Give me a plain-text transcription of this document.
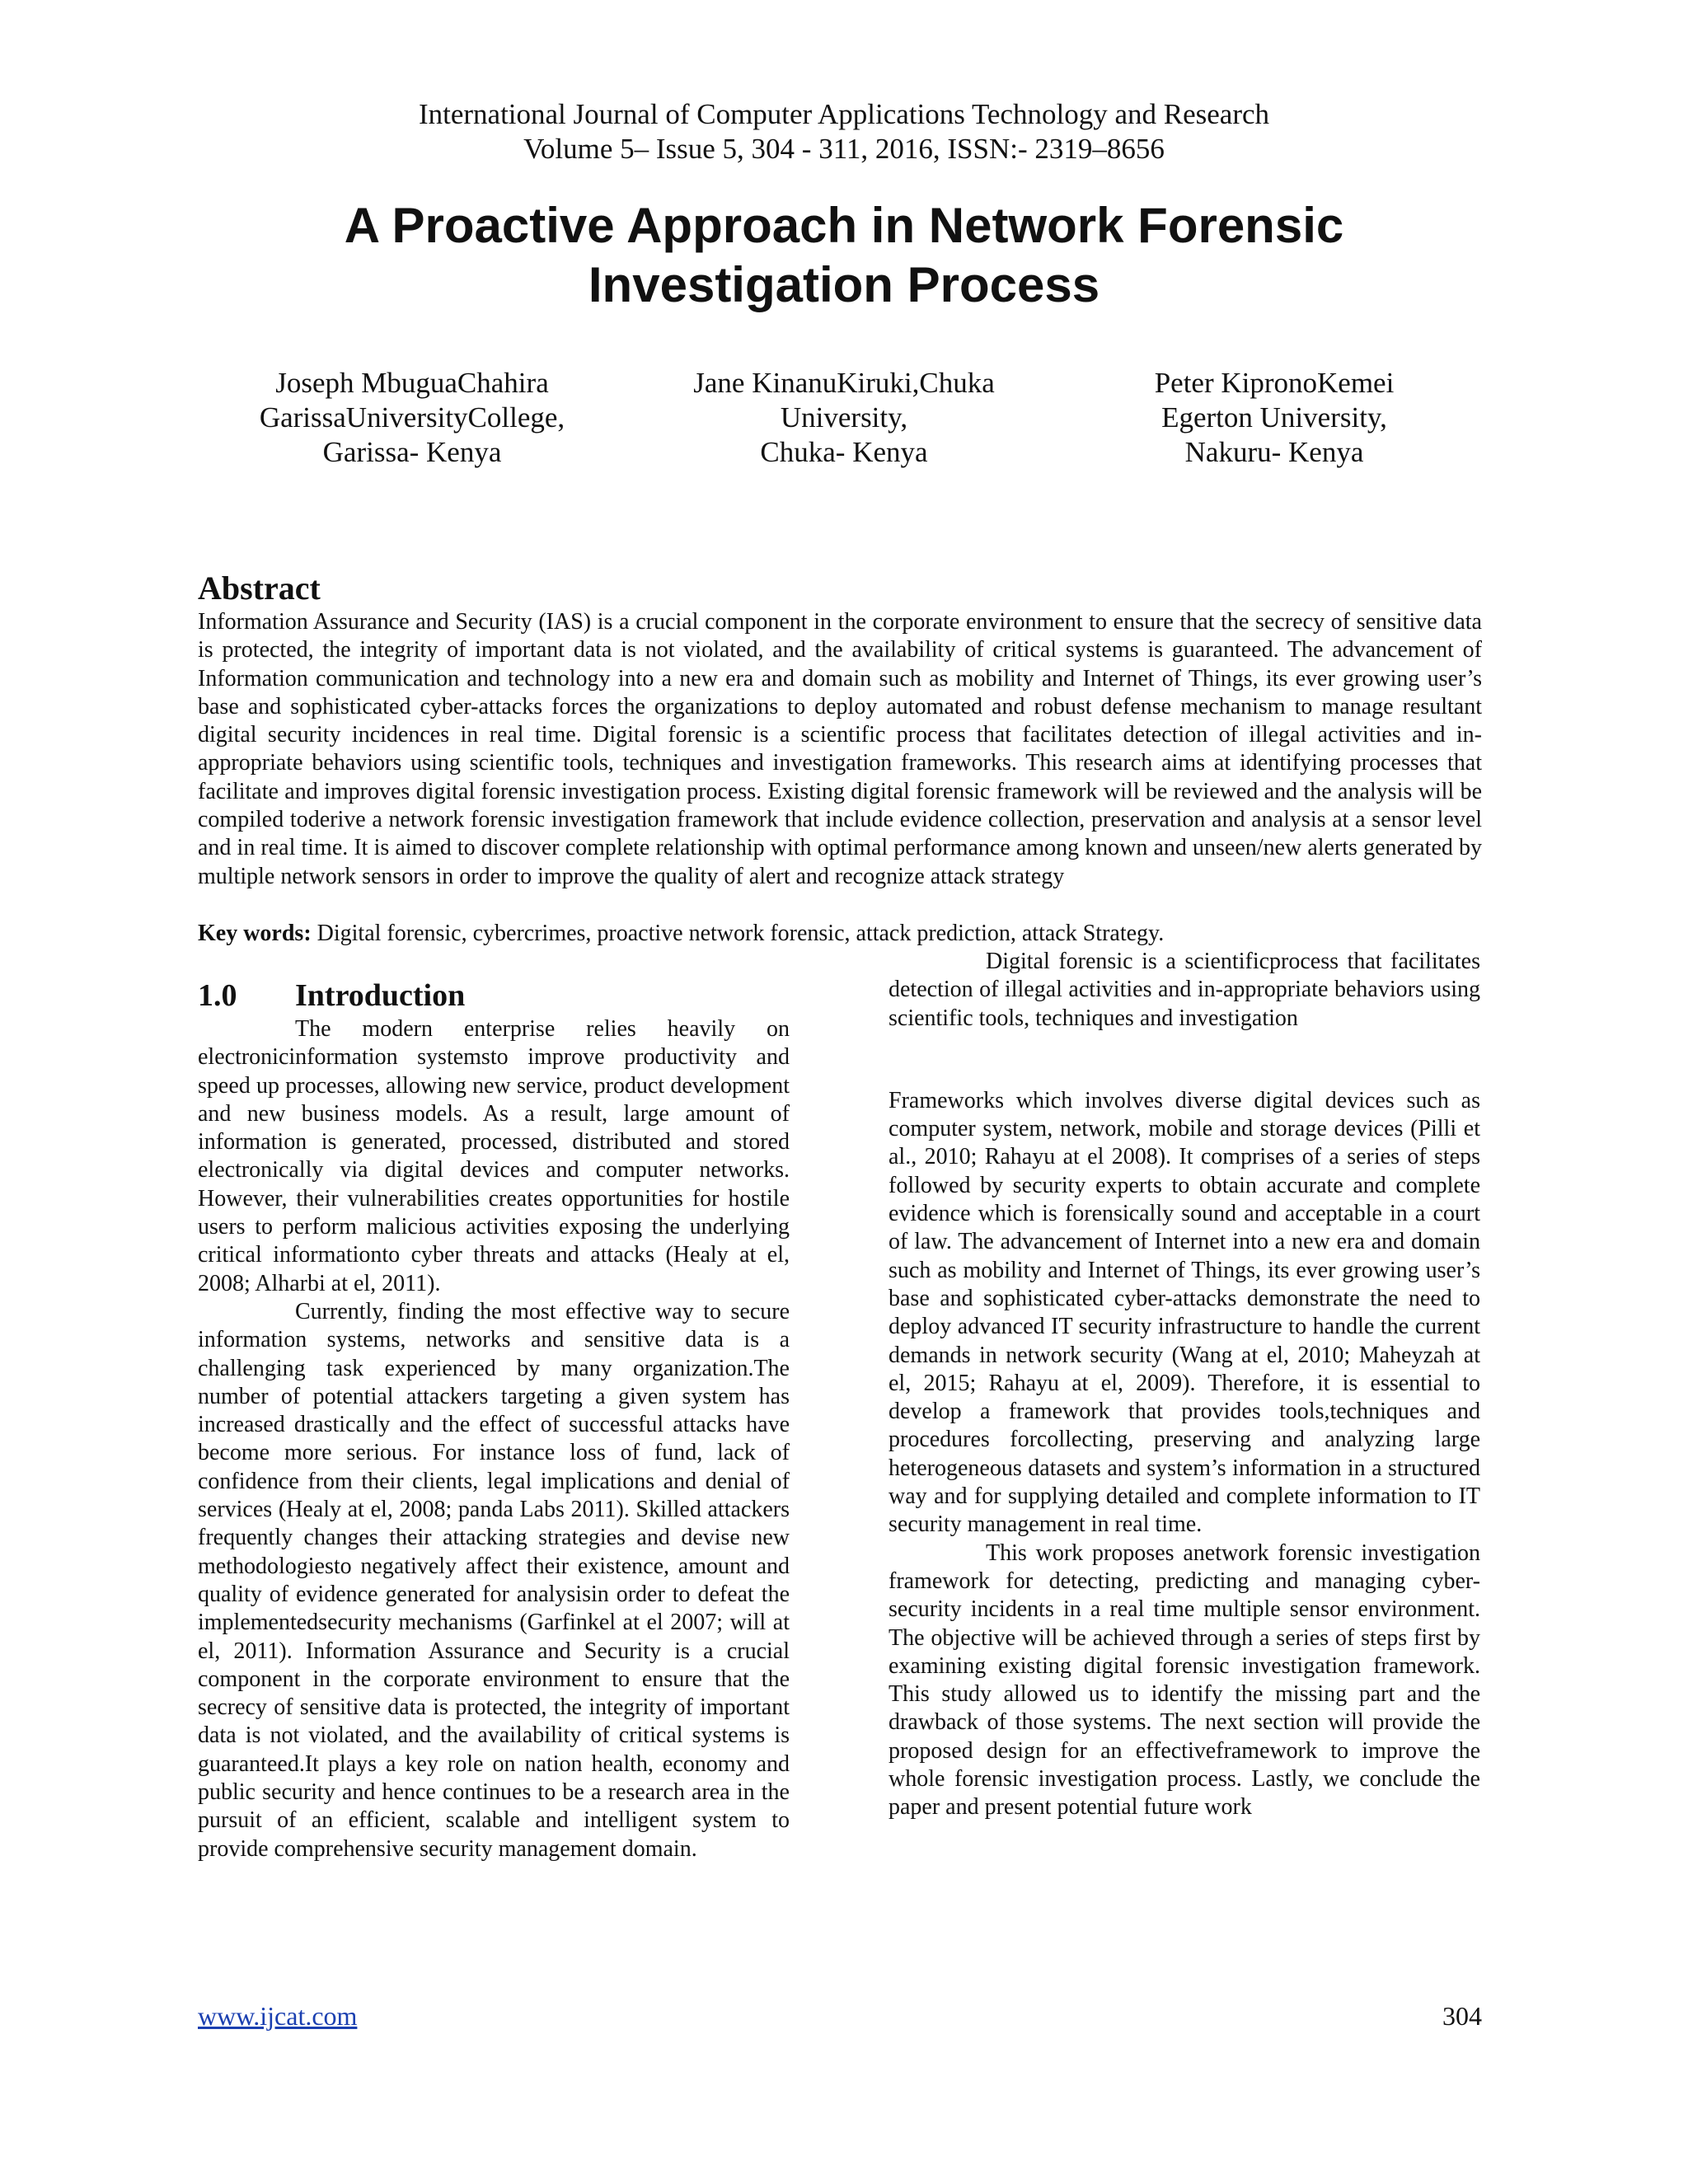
International Journal of Computer Applications Technology and Research
Volume 5– Issue 5, 304 - 311, 2016, ISSN:- 2319–8656
A Proactive Approach in Network Forensic
Investigation Process
Joseph MbuguaChahira
GarissaUniversityCollege,
Garissa- Kenya
Jane KinanuKiruki,Chuka
University,
Chuka- Kenya
Peter KipronoKemei
Egerton University,
Nakuru- Kenya
Abstract

Information Assurance and Security (IAS) is a crucial component in the corporate environment to ensure that the secrecy of sensitive data is protected, the integrity of important data is not violated, and the availability of critical systems is guaranteed. The advancement of Information communication and technology into a new era and domain such as mobility and Internet of Things, its ever growing user’s base and sophisticated cyber-attacks forces the organizations to deploy automated and robust defense mechanism to manage resultant digital security incidences in real time. Digital forensic is a scientific process that facilitates detection of illegal activities and in-appropriate behaviors using scientific tools, techniques and investigation frameworks. This research aims at identifying processes that facilitate and improves digital forensic investigation process. Existing digital forensic framework will be reviewed and the analysis will be compiled toderive a network forensic investigation framework that include evidence collection, preservation and analysis at a sensor level and in real time. It is aimed to discover complete relationship with optimal performance among known and unseen/new alerts generated by multiple network sensors in order to improve the quality of alert and recognize attack strategy

Key words: Digital forensic, cybercrimes, proactive network forensic, attack prediction, attack Strategy.

1.0 Introduction

The modern enterprise relies heavily on electronicinformation systemsto improve productivity and speed up processes, allowing new service, product development and new business models. As a result, large amount of information is generated, processed, distributed and stored electronically via digital devices and computer networks. However, their vulnerabilities creates opportunities for hostile users to perform malicious activities exposing the underlying critical informationto cyber threats and attacks (Healy at el, 2008; Alharbi at el, 2011).

Currently, finding the most effective way to secure information systems, networks and sensitive data is a challenging task experienced by many organization.The number of potential attackers targeting a given system has increased drastically and the effect of successful attacks have become more serious. For instance loss of fund, lack of confidence from their clients, legal implications and denial of services (Healy at el, 2008; panda Labs 2011). Skilled attackers frequently changes their attacking strategies and devise new methodologiesto negatively affect their existence, amount and quality of evidence generated for analysisin order to defeat the implementedsecurity mechanisms (Garfinkel at el 2007; will at el, 2011). Information Assurance and Security is a crucial component in the corporate environment to ensure that the secrecy of sensitive data is protected, the integrity of important data is not violated, and the availability of critical systems is guaranteed.It plays a key role on nation health, economy and public security and hence continues to be a research area in the pursuit of an efficient, scalable and intelligent system to provide comprehensive security management domain.

Digital forensic is a scientificprocess that facilitates detection of illegal activities and in-appropriate behaviors using scientific tools, techniques and investigation

Frameworks which involves diverse digital devices such as computer system, network, mobile and storage devices (Pilli et al., 2010; Rahayu at el 2008). It comprises of a series of steps followed by security experts to obtain accurate and complete evidence which is forensically sound and acceptable in a court of law. The advancement of Internet into a new era and domain such as mobility and Internet of Things, its ever growing user’s base and sophisticated cyber-attacks demonstrate the need to deploy advanced IT security infrastructure to handle the current demands in network security (Wang at el, 2010; Maheyzah at el, 2015; Rahayu at el, 2009). Therefore, it is essential to develop a framework that provides tools,techniques and procedures forcollecting, preserving and analyzing large heterogeneous datasets and system’s information in a structured way and for supplying detailed and complete information to IT security management in real time.

This work proposes anetwork forensic investigation framework for detecting, predicting and managing cyber-security incidents in a real time multiple sensor environment. The objective will be achieved through a series of steps first by examining existing digital forensic investigation framework. This study allowed us to identify the missing part and the drawback of those systems. The next section will provide the proposed design for an effectiveframework to improve the whole forensic investigation process. Lastly, we conclude the paper and present potential future work

www.ijcat.com	304
